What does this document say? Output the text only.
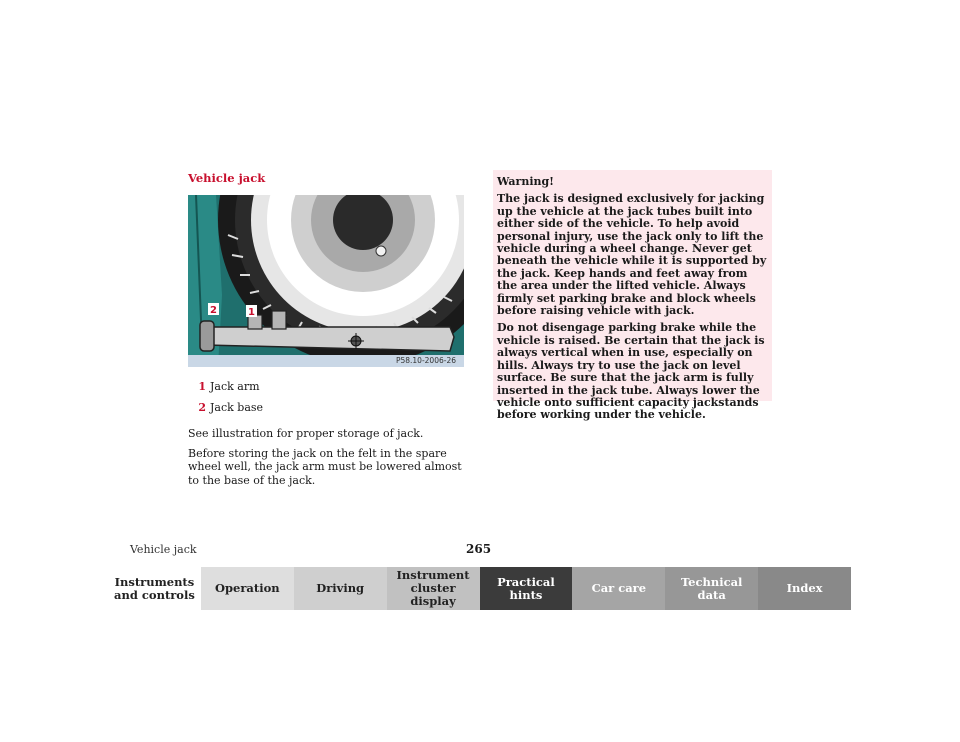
Vehicle jack
2	1
P58.10-2006-26
1 Jack arm
2 Jack base

See illustration for proper storage of jack.

Before storing the jack on the felt in the spare wheel well, the jack arm must be lowered almost to the base of the jack.

Warning!

The jack is designed exclusively for jacking up the vehicle at the jack tubes built into either side of the vehicle. To help avoid personal injury, use the jack only to lift the vehicle during a wheel change. Never get beneath the vehicle while it is supported by the jack. Keep hands and feet away from the area under the lifted vehicle. Always firmly set parking brake and block wheels before raising vehicle with jack.

Do not disengage parking brake while the vehicle is raised. Be certain that the jack is always vertical when in use, especially on hills. Always try to use the jack on level surface. Be sure that the jack arm is fully inserted in the jack tube. Always lower the vehicle onto sufficient capacity jackstands before working under the vehicle.

Vehicle jack	265
Instruments
and controls	Operation	Driving
Instrument
cluster display
Practical hints	Car care	Technical
data	Index
